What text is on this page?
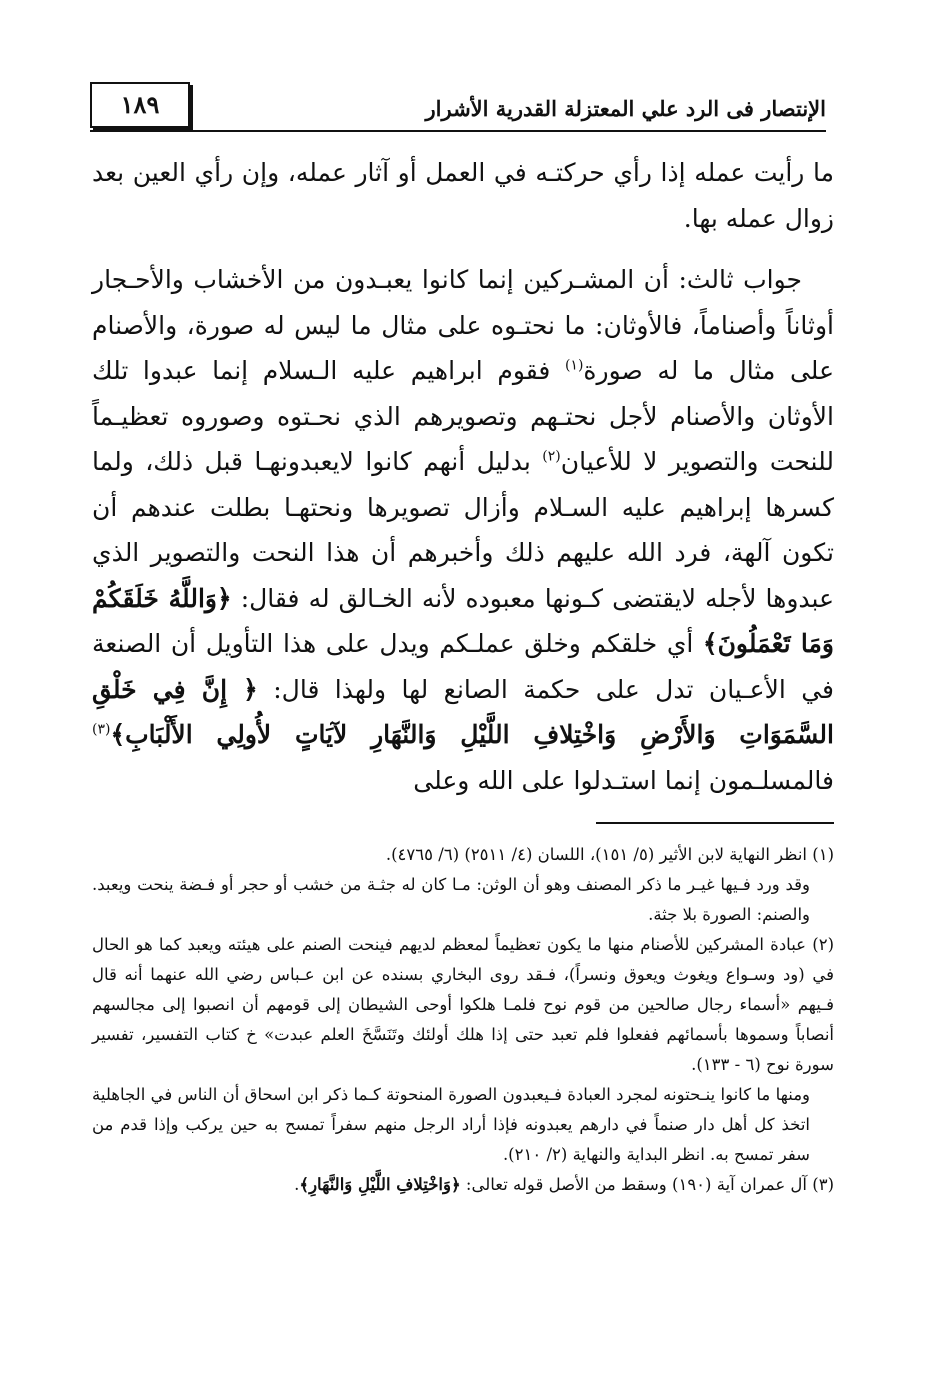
الإنتصار فى الرد علي المعتزلة القدرية الأشرار
١٨٩

ما رأيت عمله إذا رأي حركتـه في العمل أو آثار عمله، وإن رأي العين بعد زوال عمله بها.

جواب ثالث: أن المشـركين إنما كانوا يعبـدون من الأخشاب والأحـجار أوثاناً وأصناماً، فالأوثان: ما نحتـوه على مثال ما ليس له صورة، والأصنام على مثال ما له صورة$^{(١)}$ فقوم ابراهيم عليه الـسلام إنما عبدوا تلك الأوثان والأصنام لأجل نحتـهم وتصويرهم الذي نحـتوه وصوروه تعظيـماً للنحت والتصوير لا للأعيان$^{(٢)}$ بدليل أنهم كانوا لايعبدونهـا قبل ذلك، ولما كسرها إبراهيم عليه السـلام وأزال تصويرها ونحتهـا بطلت عندهم أن تكون آلهة، فرد الله عليهم ذلك وأخبرهم أن هذا النحت والتصوير الذي عبدوها لأجله لايقتضى كـونها معبوده لأنه الخـالق له فقال: ﴿وَاللَّهُ خَلَقَكُمْ وَمَا تَعْمَلُونَ﴾ أي خلقكم وخلق عملـكم ويدل على هذا التأويل أن الصنعة في الأعـيان تدل على حكمة الصانع لها ولهذا قال: ﴿ إِنَّ فِي خَلْقِ السَّمَوَاتِ وَالأَرْضِ وَاخْتِلافِ اللَّيْلِ وَالنَّهَارِ لآيَاتٍ لأُولِي الأَلْبَابِ﴾$^{(٣)}$ فالمسلـمون إنما استـدلوا على الله وعلى

(١) انظر النهاية لابن الأثير (٥/ ١٥١)، اللسان (٤/ ٢٥١١) (٦/ ٤٧٦٥).

وقد ورد فـيها غيـر ما ذكر المصنف وهو أن الوثن: مـا كان له جثـة من خشب أو حجر أو فـضة ينحت ويعبد. والصنم: الصورة بلا جثة.

(٢) عبادة المشركين للأصنام منها ما يكون تعظيماً لمعظم لديهم فينحت الصنم على هيئته ويعبد كما هو الحال في (ود وسـواع ويغوث ويعوق ونسراً)، فـقد روى البخاري بسنده عن ابن عـباس رضي الله عنهما أنه قال فـيهم «أسماء رجال صالحين من قوم نوح فلمـا هلكوا أوحى الشيطان إلى قومهم أن انصبوا إلى مجالسهم أنصاباً وسموها بأسمائهم ففعلوا فلم تعبد حتى إذا هلك أولئك وتَنَسَّخَ العلم عبدت» خ كتاب التفسير، تفسير سورة نوح (٦ - ١٣٣).

ومنها ما كانوا ينـحتونه لمجرد العبادة فـيعبدون الصورة المنحوتة كـما ذكر ابن اسحاق أن الناس في الجاهلية اتخذ كل أهل دار صنماً في دارهم يعبدونه فإذا أراد الرجل منهم سفراً تمسح به حين يركب وإذا قدم من سفر تمسح به. انظر البداية والنهاية (٢/ ٢١٠).

(٣) آل عمران آية (١٩٠) وسقط من الأصل قوله تعالى: ﴿وَاخْتِلافِ اللَّيْلِ وَالنَّهَارِ﴾.
